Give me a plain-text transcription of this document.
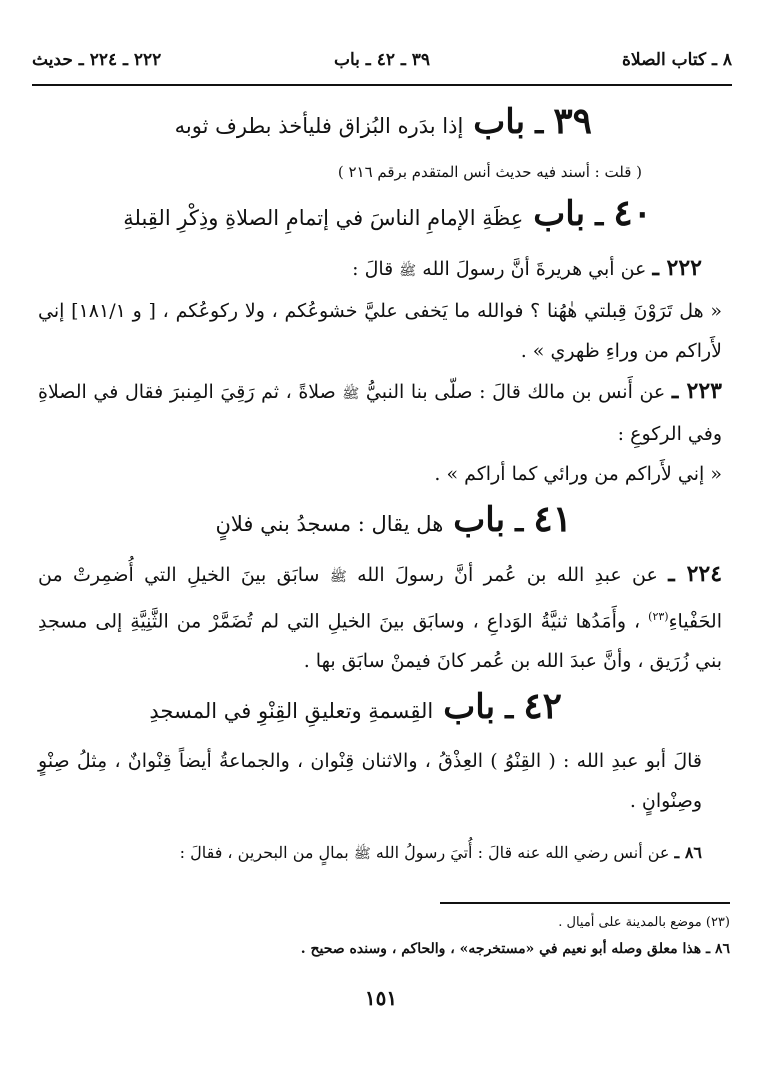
٨ ـ كتاب الصلاة
٣٩ ـ ٤٢ ـ باب
٢٢٢ ـ ٢٢٤ ـ حديث
٣٩
ـ
باب
إذا بدَره البُزاق فليأخذ بطرف ثوبه
( قلت : أسند فيه حديث أنس المتقدم برقم ٢١٦ )
٤٠
ـ
باب
عِظَةِ الإمامِ الناسَ في إتمامِ الصلاةِ وذِكْرِ القِبلةِ
٢٢٢ ـ عن أبي هريرةَ أنَّ رسولَ الله ﷺ قالَ :
« هل تَرَوْنَ قِبلتي هٰهُنا ؟ فوالله ما يَخفى عليَّ خشوعُكم ، ولا ركوعُكم ، [ و ١٨١/١] إني لأَراكم من وراءِ ظهري » .
٢٢٣ ـ عن أَنس بن مالك قالَ : صلّى بنا النبيُّ ﷺ صلاةً ، ثم رَقِيَ المِنبرَ فقال في الصلاةِ وفي الركوعِ :
« إني لأَراكم من ورائي كما أراكم » .
٤١
ـ
باب
هل يقال : مسجدُ بني فلانٍ
٢٢٤ ـ عن عبدِ الله بن عُمر أنَّ رسولَ الله ﷺ سابَق بينَ الخيلِ التي أُضمِرتْ من الحَفْياءِ$^{(٢٣)}$ ، وأَمَدُها ثنيَّةُ الوَداعِ ، وسابَق بينَ الخيلِ التي لم تُضَمَّرْ من الثَّنِيَّةِ إلى مسجدِ بني زُرَيق ، وأنَّ عبدَ الله بن عُمر كانَ فيمنْ سابَق بها .
٤٢
ـ
باب
القِسمةِ وتعليقِ القِنْوِ في المسجدِ
قالَ أبو عبدِ الله : ( القِنْوُ ) العِذْقُ ، والاثنان قِنْوان ، والجماعةُ أيضاً قِنْوانٌ ، مِثلُ صِنْوٍ وصِنْوانٍ .
٨٦ ـ عن أنس رضي الله عنه قالَ : أُتيَ رسولُ الله ﷺ بمالٍ من البحرين ، فقالَ :
(٢٣) موضع بالمدينة على أميال .
٨٦ ـ هذا معلق وصله أبو نعيم في «مستخرجه» ، والحاكم ، وسنده صحيح .
١٥١
